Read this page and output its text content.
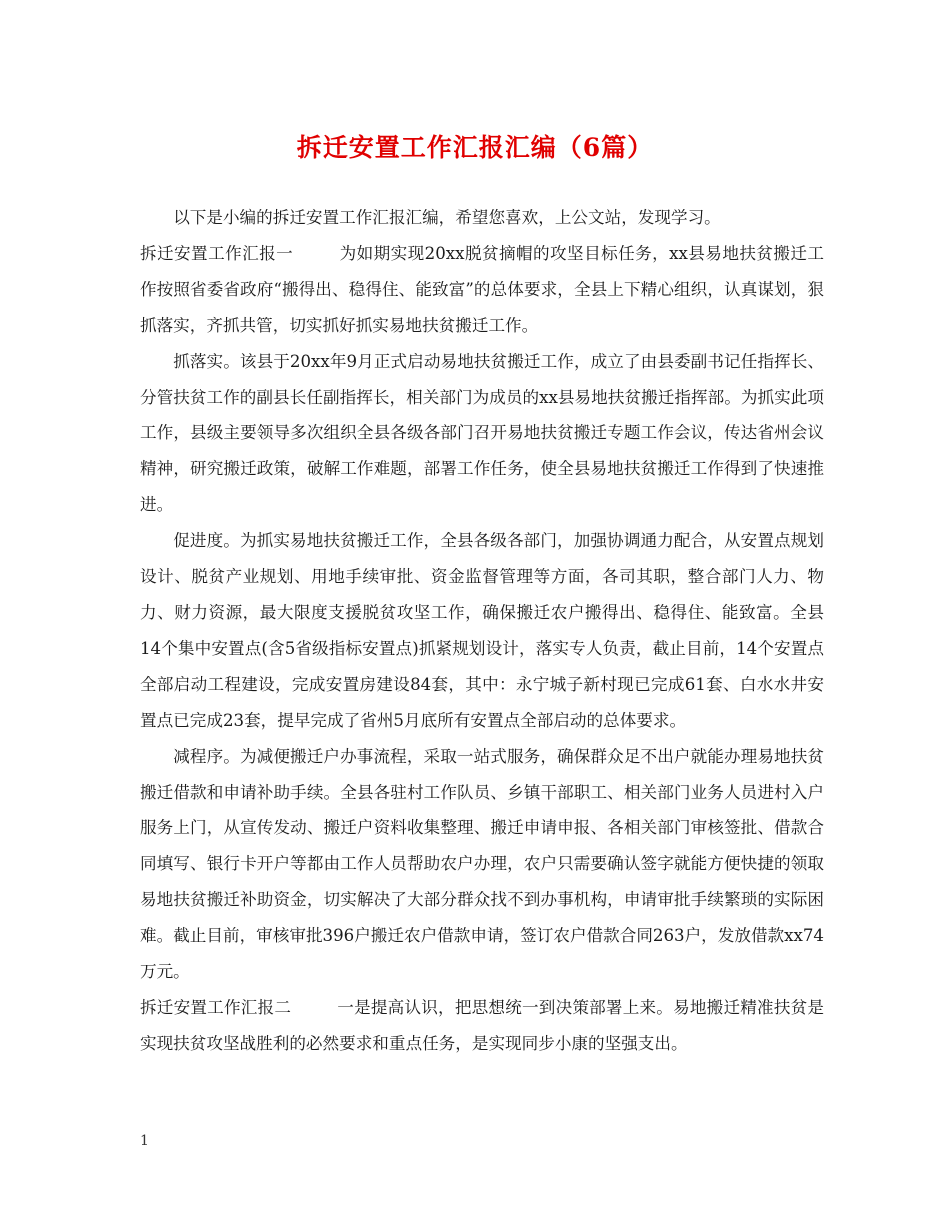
拆迁安置工作汇报汇编（6篇）

以下是小编的拆迁安置工作汇报汇编，希望您喜欢，上公文站，发现学习。

拆迁安置工作汇报一	为如期实现20xx脱贫摘帽的攻坚目标任务，xx县易地扶贫搬迁工作按照省委省政府“搬得出、稳得住、能致富”的总体要求，全县上下精心组织，认真谋划，狠抓落实，齐抓共管，切实抓好抓实易地扶贫搬迁工作。

抓落实。该县于20xx年9月正式启动易地扶贫搬迁工作，成立了由县委副书记任指挥长、分管扶贫工作的副县长任副指挥长，相关部门为成员的xx县易地扶贫搬迁指挥部。为抓实此项工作，县级主要领导多次组织全县各级各部门召开易地扶贫搬迁专题工作会议，传达省州会议精神，研究搬迁政策，破解工作难题，部署工作任务，使全县易地扶贫搬迁工作得到了快速推进。

促进度。为抓实易地扶贫搬迁工作，全县各级各部门，加强协调通力配合，从安置点规划设计、脱贫产业规划、用地手续审批、资金监督管理等方面，各司其职，整合部门人力、物力、财力资源，最大限度支援脱贫攻坚工作，确保搬迁农户搬得出、稳得住、能致富。全县14个集中安置点(含5省级指标安置点)抓紧规划设计，落实专人负责，截止目前，14个安置点全部启动工程建设，完成安置房建设84套，其中：永宁城子新村现已完成61套、白水水井安置点已完成23套，提早完成了省州5月底所有安置点全部启动的总体要求。

减程序。为减便搬迁户办事流程，采取一站式服务，确保群众足不出户就能办理易地扶贫搬迁借款和申请补助手续。全县各驻村工作队员、乡镇干部职工、相关部门业务人员进村入户服务上门，从宣传发动、搬迁户资料收集整理、搬迁申请申报、各相关部门审核签批、借款合同填写、银行卡开户等都由工作人员帮助农户办理，农户只需要确认签字就能方便快捷的领取易地扶贫搬迁补助资金，切实解决了大部分群众找不到办事机构，申请审批手续繁琐的实际困难。截止目前，审核审批396户搬迁农户借款申请，签订农户借款合同263户，发放借款xx74万元。

拆迁安置工作汇报二	一是提高认识，把思想统一到决策部署上来。易地搬迁精准扶贫是实现扶贫攻坚战胜利的必然要求和重点任务，是实现同步小康的坚强支出。

1
